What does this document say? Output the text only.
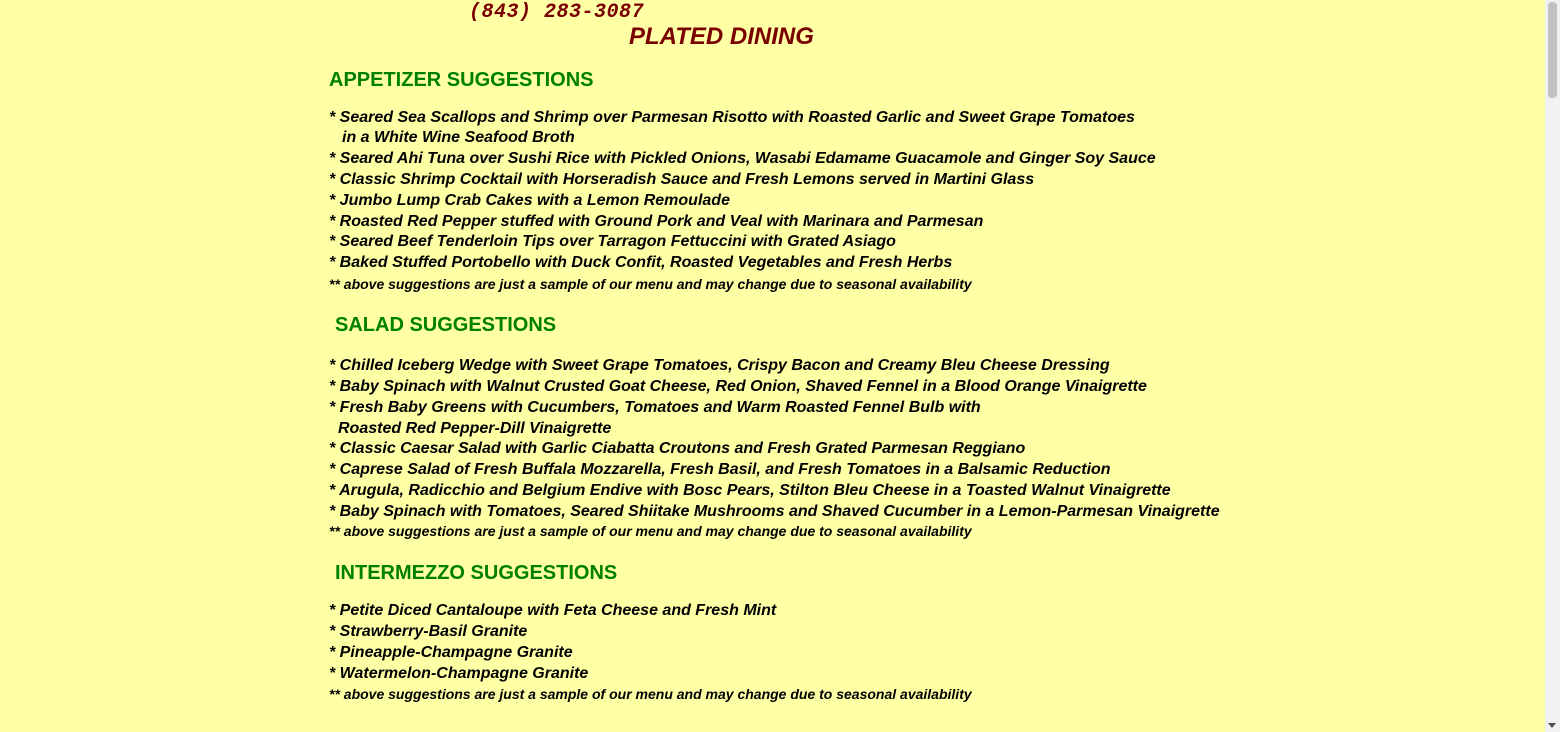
(843) 283-3087

PLATED DINING
APPETIZER SUGGESTIONS

* Seared Sea Scallops and Shrimp over Parmesan Risotto with Roasted Garlic and Sweet Grape Tomatoes

in a White Wine Seafood Broth

* Seared Ahi Tuna over Sushi Rice with Pickled Onions, Wasabi Edamame Guacamole and Ginger Soy Sauce

* Classic Shrimp Cocktail with Horseradish Sauce and Fresh Lemons served in Martini Glass

* Jumbo Lump Crab Cakes with a Lemon Remoulade

* Roasted Red Pepper stuffed with Ground Pork and Veal with Marinara and Parmesan

* Seared Beef Tenderloin Tips over Tarragon Fettuccini with Grated Asiago

* Baked Stuffed Portobello with Duck Confit, Roasted Vegetables and Fresh Herbs

** above suggestions are just a sample of our menu and may change due to seasonal availability

SALAD SUGGESTIONS

* Chilled Iceberg Wedge with Sweet Grape Tomatoes, Crispy Bacon and Creamy Bleu Cheese Dressing

* Baby Spinach with Walnut Crusted Goat Cheese, Red Onion, Shaved Fennel in a Blood Orange Vinaigrette

* Fresh Baby Greens with Cucumbers, Tomatoes and Warm Roasted Fennel Bulb with

Roasted Red Pepper-Dill Vinaigrette

* Classic Caesar Salad with Garlic Ciabatta Croutons and Fresh Grated Parmesan Reggiano

* Caprese Salad of Fresh Buffala Mozzarella, Fresh Basil, and Fresh Tomatoes in a Balsamic Reduction

* Arugula, Radicchio and Belgium Endive with Bosc Pears, Stilton Bleu Cheese in a Toasted Walnut Vinaigrette

* Baby Spinach with Tomatoes, Seared Shiitake Mushrooms and Shaved Cucumber in a Lemon-Parmesan Vinaigrette

** above suggestions are just a sample of our menu and may change due to seasonal availability

INTERMEZZO SUGGESTIONS

* Petite Diced Cantaloupe with Feta Cheese and Fresh Mint

* Strawberry-Basil Granite

* Pineapple-Champagne Granite

* Watermelon-Champagne Granite

** above suggestions are just a sample of our menu and may change due to seasonal availability
